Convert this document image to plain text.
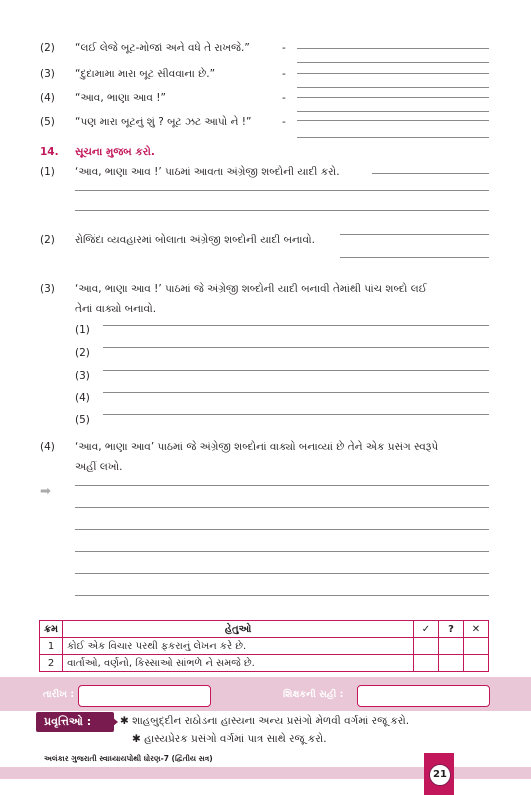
(2) “લઈ લેજે બૂટ-મોજાં અને વધે તે રાખજે.”	-
(3) “દુદામામા મારા બૂટ સીવવાના છે.”	-
(4) “આવ, ભાણા આવ !”	-
(5) “પણ મારા બૂટનું શું ? બૂટ ઝટ આપો ને !”	-
14. સૂચના મુજબ કરો.
(1) ‘આવ, ભાણા આવ !’ પાઠમાં આવતા અંગ્રેજી શબ્દોની યાદી કરો.
(2) રોજિંદા વ્યવહારમાં બોલાતા અંગ્રેજી શબ્દોની યાદી બનાવો.
(3) ‘આવ, ભાણા આવ !’ પાઠમાં જે અંગ્રેજી શબ્દોની યાદી બનાવી તેમાંથી પાંચ શબ્દો લઈ
તેનાં વાક્યો બનાવો.
(1)
(2)
(3)
(4)
(5)
(4) ‘આવ, ભાણા આવ’ પાઠમાં જે અંગ્રેજી શબ્દોનાં વાક્યો બનાવ્યાં છે તેને એક પ્રસંગ સ્વરૂપે
અહીં લખો.
➡
ક્રમ	હેતુઓ	✓	?	✕
1	કોઈ એક વિચાર પરથી ફકરાનું લેખન કરે છે.			
2	વાર્તાઓ, વર્ણનો, કિસ્સાઓ સાંભળે ને સમજે છે.			
તારીખ :	શિક્ષકની સહી :
પ્રવૃત્તિઓ :	✱ શાહબુદ્દીન રાઠોડના હાસ્યના અન્ય પ્રસંગો મેળવી વર્ગમાં રજૂ કરો.
✱ હાસ્યપ્રેરક પ્રસંગો વર્ગમાં પાત્ર સાથે રજૂ કરો.
અલંકાર ગુજરાતી સ્વાધ્યાયપોથી ધોરણ-7 (દ્વિતીય સત્ર)
21
